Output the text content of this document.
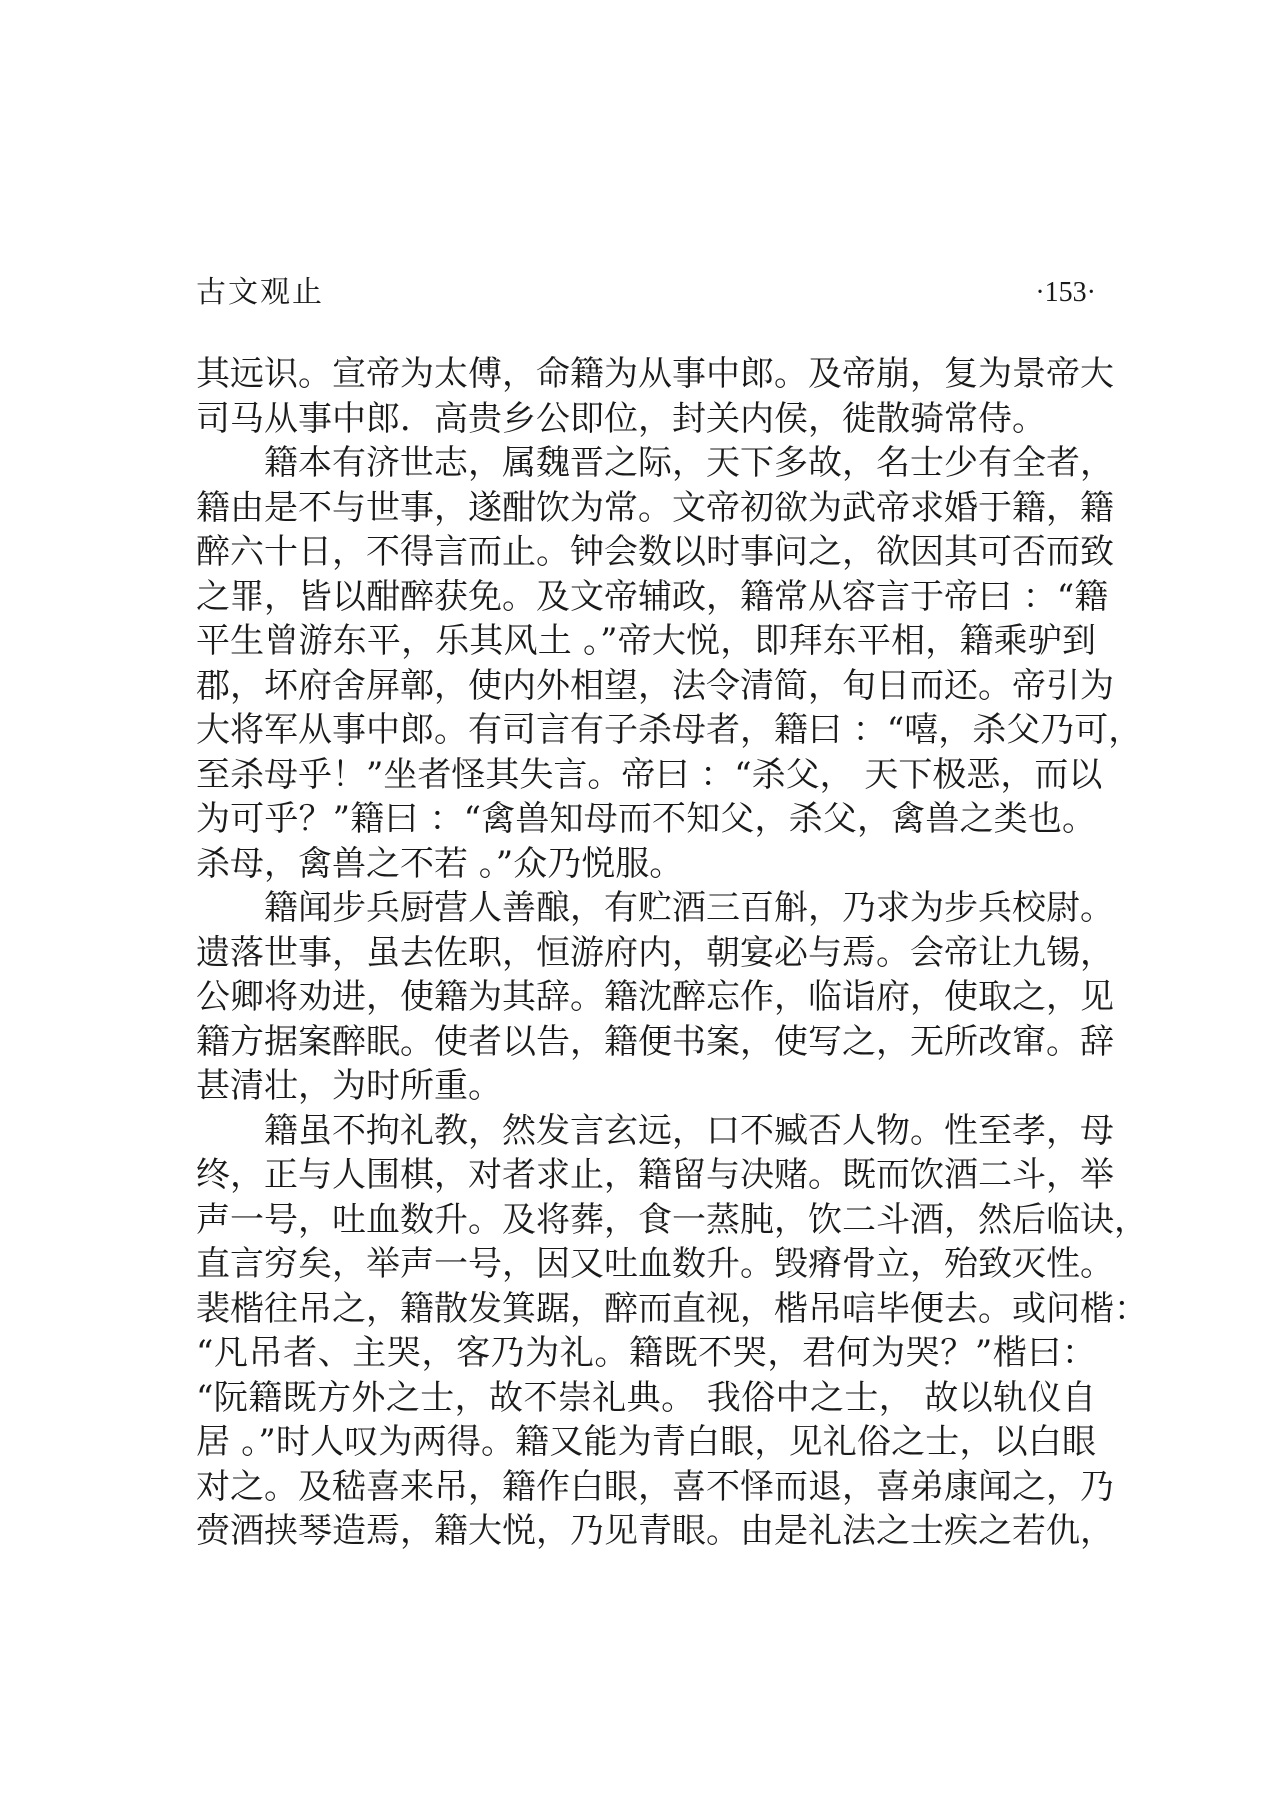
古文观止	·153·
其远识。宣帝为太傅，命籍为从事中郎。及帝崩，复为景帝大
司马从事中郎．高贵乡公即位，封关内侯，徙散骑常侍。
籍本有济世志，属魏晋之际，天下多故，名士少有全者，
籍由是不与世事，遂酣饮为常。文帝初欲为武帝求婚于籍，籍
醉六十日，不得言而止。钟会数以时事问之，欲因其可否而致
之罪，皆以酣醉获免。及文帝辅政，籍常从容言于帝曰 ：“籍
平生曾游东平，乐其风土 。”帝大悦，即拜东平相，籍乘驴到
郡，坏府舍屏鄣，使内外相望，法令清简，旬日而还。帝引为
大将军从事中郎。有司言有子杀母者，籍曰 ：“嘻，杀父乃可，
至杀母乎！”坐者怪其失言。帝曰 ：“杀父， 天下极恶，而以
为可乎？”籍曰 ：“禽兽知母而不知父，杀父，禽兽之类也。
杀母，禽兽之不若 。”众乃悦服。
籍闻步兵厨营人善酿，有贮酒三百斛，乃求为步兵校尉。
遗落世事，虽去佐职，恒游府内，朝宴必与焉。会帝让九锡，
公卿将劝进，使籍为其辞。籍沈醉忘作，临诣府，使取之，见
籍方据案醉眠。使者以告，籍便书案，使写之，无所改窜。辞
甚清壮，为时所重。
籍虽不拘礼教，然发言玄远，口不臧否人物。性至孝，母
终，正与人围棋，对者求止，籍留与决赌。既而饮酒二斗，举
声一号，吐血数升。及将葬，食一蒸肫，饮二斗酒，然后临诀，
直言穷矣，举声一号，因又吐血数升。毁瘠骨立，殆致灭性。
裴楷往吊之，籍散发箕踞，醉而直视，楷吊唁毕便去。或问楷：
“凡吊者、主哭，客乃为礼。籍既不哭，君何为哭？”楷曰：
“阮籍既方外之士，故不崇礼典。 我俗中之士， 故以轨仪自
居 。”时人叹为两得。籍又能为青白眼，见礼俗之士，以白眼
对之。及嵇喜来吊，籍作白眼，喜不怿而退，喜弟康闻之，乃
赍酒挟琴造焉，籍大悦，乃见青眼。由是礼法之士疾之若仇，
